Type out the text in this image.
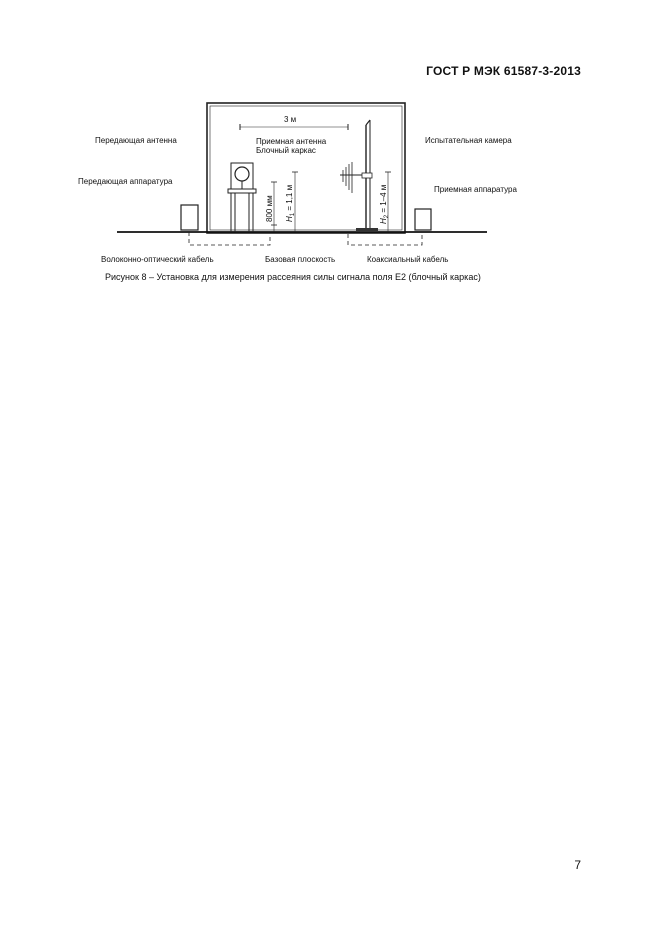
ГОСТ Р МЭК 61587-3-2013
800 мм $H_1 = 1,1$ м
$H_2 = 1-4$ м
3 м
Передающая антенна
Передающая аппаратура
Приемная антенна
Блочный каркас
Испытательная камера
Приемная аппаратура
Волоконно-оптический кабель	Базовая плоскость	Коаксиальный кабель
Рисунок 8 – Установка для измерения рассеяния силы сигнала поля Е2 (блочный каркас)
7
